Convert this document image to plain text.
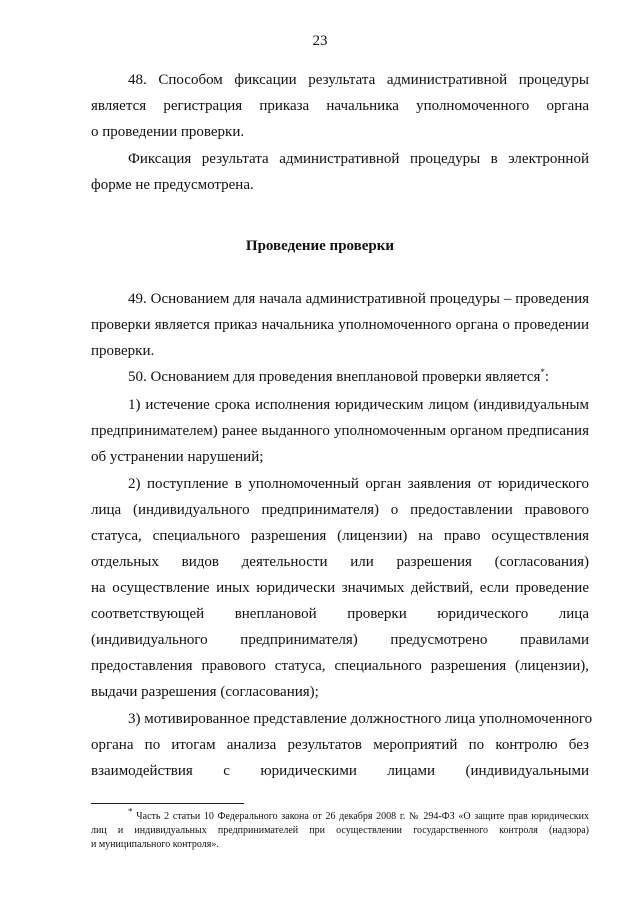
23
48. Способом фиксации результата административной процедуры
является регистрация приказа начальника уполномоченного органа
о проведении проверки.
Фиксация результата административной процедуры в электронной
форме не предусмотрена.
Проведение проверки
49. Основанием для начала административной процедуры – проведения
проверки является приказ начальника уполномоченного органа о проведении
проверки.
50. Основанием для проведения внеплановой проверки является*:
1) истечение срока исполнения юридическим лицом (индивидуальным
предпринимателем) ранее выданного уполномоченным органом предписания
об устранении нарушений;
2) поступление в уполномоченный орган заявления от юридического
лица (индивидуального предпринимателя) о предоставлении правового
статуса, специального разрешения (лицензии) на право осуществления
отдельных видов деятельности или разрешения (согласования)
на осуществление иных юридически значимых действий, если проведение
соответствующей внеплановой проверки юридического лица
(индивидуального предпринимателя) предусмотрено правилами
предоставления правового статуса, специального разрешения (лицензии),
выдачи разрешения (согласования);
3) мотивированное представление должностного лица уполномоченного
органа по итогам анализа результатов мероприятий по контролю без
взаимодействия с юридическими лицами (индивидуальными
* Часть 2 статьи 10 Федерального закона от 26 декабря 2008 г. № 294-ФЗ «О защите прав юридических
лиц и индивидуальных предпринимателей при осуществлении государственного контроля (надзора)
и муниципального контроля».
